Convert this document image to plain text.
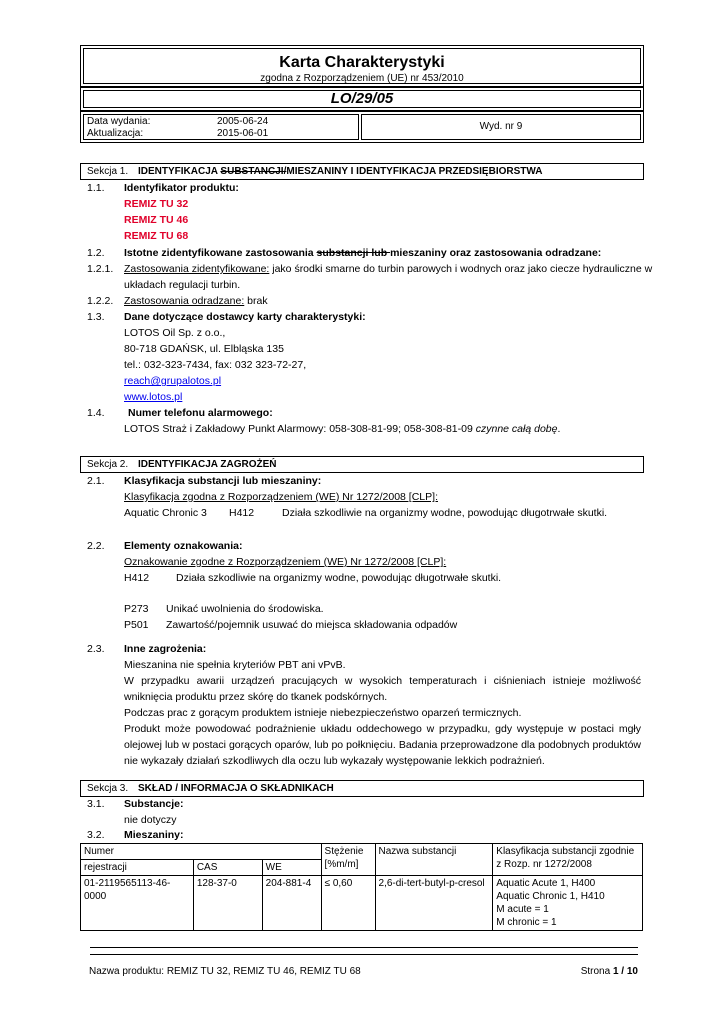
Karta Charakterystyki
zgodna z Rozporządzeniem (UE) nr 453/2010
LO/29/05
Data wydania:	2005-06-24
Aktualizacja:	2015-06-01
Wyd. nr 9
Sekcja 1. IDENTYFIKACJA SUBSTANCJI/MIESZANINY I IDENTYFIKACJA PRZEDSIĘBIORSTWA
1.1. Identyfikator produktu:
REMIZ TU 32
REMIZ TU 46
REMIZ TU 68
1.2. Istotne zidentyfikowane zastosowania substancji lub mieszaniny oraz zastosowania odradzane:
1.2.1. Zastosowania zidentyfikowane: jako środki smarne do turbin parowych i wodnych oraz jako ciecze hydrauliczne w
układach regulacji turbin.
1.2.2. Zastosowania odradzane: brak
1.3. Dane dotyczące dostawcy karty charakterystyki:
LOTOS Oil Sp. z o.o.,
80-718 GDAŃSK, ul. Elbląska 135
tel.: 032-323-7434, fax: 032 323-72-27,
reach@grupalotos.pl
www.lotos.pl
1.4. Numer telefonu alarmowego:
LOTOS Straż i Zakładowy Punkt Alarmowy: 058-308-81-99; 058-308-81-09 czynne całą dobę.
Sekcja 2. IDENTYFIKACJA ZAGROŻEŃ
2.1. Klasyfikacja substancji lub mieszaniny:
Klasyfikacja zgodna z Rozporządzeniem (WE) Nr 1272/2008 [CLP]:
Aquatic Chronic 3 H412	Działa szkodliwie na organizmy wodne, powodując długotrwałe skutki.
2.2. Elementy oznakowania:
Oznakowanie zgodne z Rozporządzeniem (WE) Nr 1272/2008 [CLP]:
H412	Działa szkodliwie na organizmy wodne, powodując długotrwałe skutki.
P273 Unikać uwolnienia do środowiska.
P501 Zawartość/pojemnik usuwać do miejsca składowania odpadów
2.3. Inne zagrożenia:
Mieszanina nie spełnia kryteriów PBT ani vPvB.
W przypadku awarii urządzeń pracujących w wysokich temperaturach i ciśnieniach istnieje możliwość wniknięcia produktu przez skórę do tkanek podskórnych.
Podczas prac z gorącym produktem istnieje niebezpieczeństwo oparzeń termicznych.
Produkt może powodować podrażnienie układu oddechowego w przypadku, gdy występuje w postaci mgły olejowej lub w postaci gorących oparów, lub po połknięciu. Badania przeprowadzone dla podobnych produktów nie wykazały działań szkodliwych dla oczu lub wykazały występowanie lekkich podrażnień.
Sekcja 3. SKŁAD / INFORMACJA O SKŁADNIKACH
3.1. Substancje:
nie dotyczy
3.2. Mieszaniny:
Numer			Stężenie [%m/m]	Nazwa substancji	Klasyfikacja substancji zgodnie z Rozp. nr 1272/2008
rejestracji	CAS	WE			
01-2119565113-46-0000	128-37-0	204-881-4	≤ 0,60	2,6-di-tert-butyl-p-cresol	Aquatic Acute 1, H400
Aquatic Chronic 1, H410
M acute = 1
M chronic = 1
Nazwa produktu: REMIZ TU 32, REMIZ TU 46, REMIZ TU 68	Strona 1 / 10
